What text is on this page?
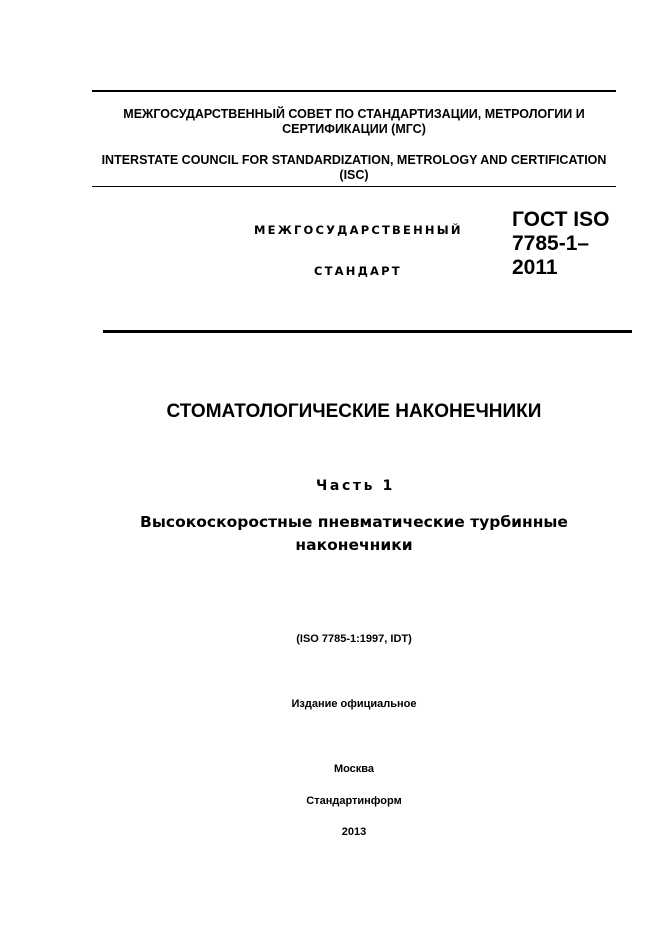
МЕЖГОСУДАРСТВЕННЫЙ СОВЕТ ПО СТАНДАРТИЗАЦИИ, МЕТРОЛОГИИ И СЕРТИФИКАЦИИ (МГС)
INTERSTATE COUNCIL FOR STANDARDIZATION, METROLOGY AND CERTIFICATION (ISC)
МЕЖГОСУДАРСТВЕННЫЙ
СТАНДАРТ
ГОСТ ISO
7785-1–
2011
СТОМАТОЛОГИЧЕСКИЕ НАКОНЕЧНИКИ
Часть 1
Высокоскоростные пневматические турбинные
наконечники
(ISO 7785-1:1997, IDT)
Издание официальное
Москва
Стандартинформ
2013
